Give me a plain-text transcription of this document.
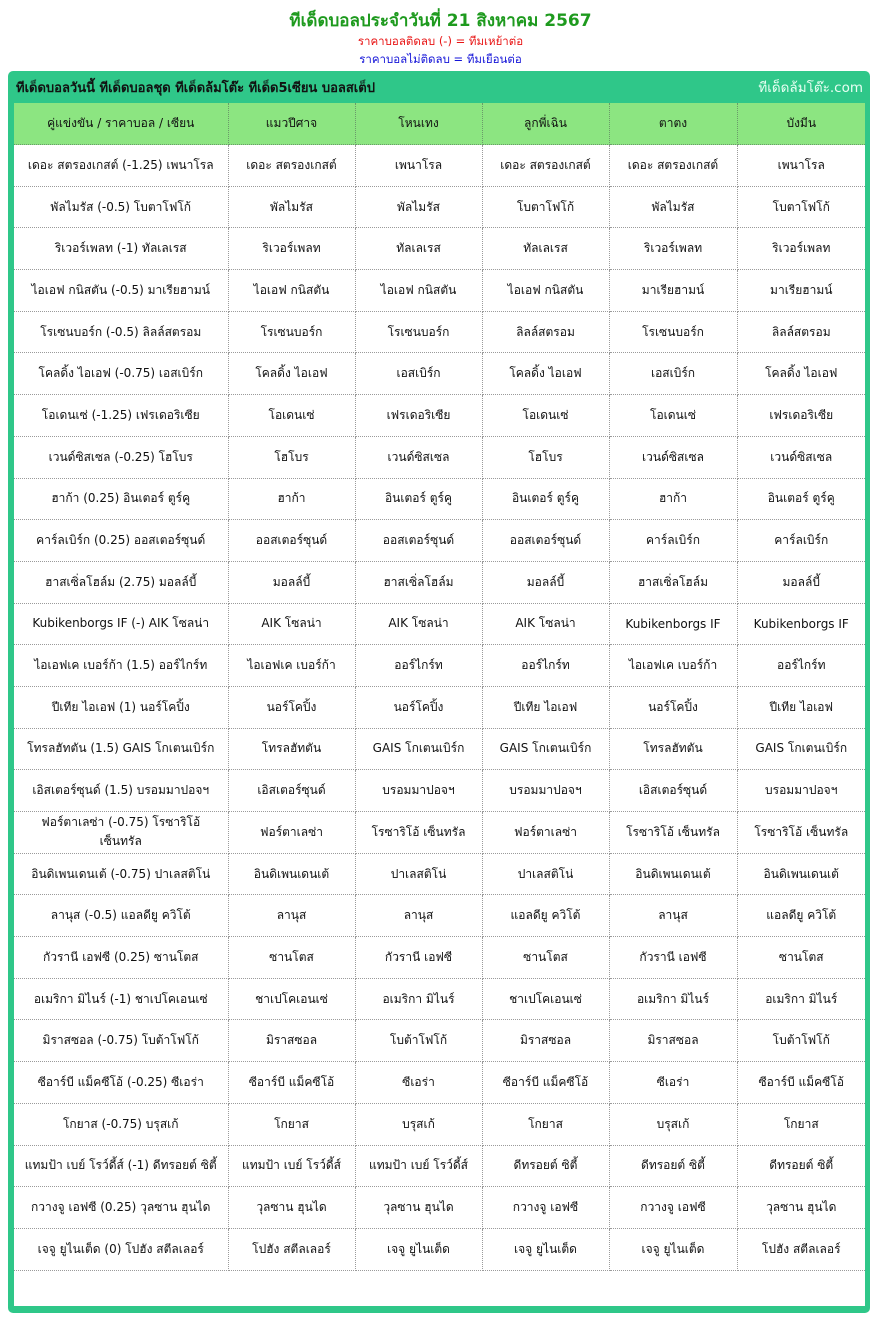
ทีเด็ดบอลประจำวันที่ 21 สิงหาคม 2567
ราคาบอลติดลบ (-) = ทีมเหย้าต่อ
ราคาบอลไม่ติดลบ = ทีมเยือนต่อ
ทีเด็ดบอลวันนี้ ทีเด็ดบอลชุด ทีเด็ดล้มโต๊ะ ทีเด็ด5เซียน บอลสเต็ป	ทีเด็ดล้มโต๊ะ.com
คู่แข่งขัน / ราคาบอล / เซียน	แมวปีศาจ	โหนเทง	ลูกพี่เฉิน	ตาตง	บังมีน
เดอะ สตรองเกสต์ (-1.25) เพนาโรล	เดอะ สตรองเกสต์	เพนาโรล	เดอะ สตรองเกสต์	เดอะ สตรองเกสต์	เพนาโรล
พัลไมรัส (-0.5) โบตาโฟโก้	พัลไมรัส	พัลไมรัส	โบตาโฟโก้	พัลไมรัส	โบตาโฟโก้
ริเวอร์เพลท (-1) ทัลเลเรส	ริเวอร์เพลท	ทัลเลเรส	ทัลเลเรส	ริเวอร์เพลท	ริเวอร์เพลท
ไอเอฟ กนิสตัน (-0.5) มาเรียฮามน์	ไอเอฟ กนิสตัน	ไอเอฟ กนิสตัน	ไอเอฟ กนิสตัน	มาเรียฮามน์	มาเรียฮามน์
โรเซนบอร์ก (-0.5) ลิลล์สตรอม	โรเซนบอร์ก	โรเซนบอร์ก	ลิลล์สตรอม	โรเซนบอร์ก	ลิลล์สตรอม
โคลดิ้ง ไอเอฟ (-0.75) เอสเบิร์ก	โคลดิ้ง ไอเอฟ	เอสเบิร์ก	โคลดิ้ง ไอเอฟ	เอสเบิร์ก	โคลดิ้ง ไอเอฟ
โอเดนเซ่ (-1.25) เฟรเดอริเซีย	โอเดนเซ่	เฟรเดอริเซีย	โอเดนเซ่	โอเดนเซ่	เฟรเดอริเซีย
เวนด์ซิสเซล (-0.25) โฮโบร	โฮโบร	เวนด์ซิสเซล	โฮโบร	เวนด์ซิสเซล	เวนด์ซิสเซล
ฮาก้า (0.25) อินเตอร์ ตูร์คู	ฮาก้า	อินเตอร์ ตูร์คู	อินเตอร์ ตูร์คู	ฮาก้า	อินเตอร์ ตูร์คู
คาร์ลเบิร์ก (0.25) ออสเตอร์ซุนด์	ออสเตอร์ซุนด์	ออสเตอร์ซุนด์	ออสเตอร์ซุนด์	คาร์ลเบิร์ก	คาร์ลเบิร์ก
ฮาสเซิ่ลโฮล์ม (2.75) มอลล์บี้	มอลล์บี้	ฮาสเซิ่ลโฮล์ม	มอลล์บี้	ฮาสเซิ่ลโฮล์ม	มอลล์บี้
Kubikenborgs IF (-) AIK โซลน่า	AIK โซลน่า	AIK โซลน่า	AIK โซลน่า	Kubikenborgs IF	Kubikenborgs IF
ไอเอฟเค เบอร์ก้า (1.5) ออร์ไกร์ท	ไอเอฟเค เบอร์ก้า	ออร์ไกร์ท	ออร์ไกร์ท	ไอเอฟเค เบอร์ก้า	ออร์ไกร์ท
ปีเทีย ไอเอฟ (1) นอร์โคปิ้ง	นอร์โคปิ้ง	นอร์โคปิ้ง	ปีเทีย ไอเอฟ	นอร์โคปิ้ง	ปีเทีย ไอเอฟ
โทรลฮัทตัน (1.5) GAIS โกเตนเบิร์ก	โทรลฮัทตัน	GAIS โกเตนเบิร์ก	GAIS โกเตนเบิร์ก	โทรลฮัทตัน	GAIS โกเตนเบิร์ก
เอิสเตอร์ซุนด์ (1.5) บรอมมาปอจฯ	เอิสเตอร์ซุนด์	บรอมมาปอจฯ	บรอมมาปอจฯ	เอิสเตอร์ซุนด์	บรอมมาปอจฯ
ฟอร์ตาเลซ่า (-0.75) โรซาริโอ้ เซ็นทรัล	ฟอร์ตาเลซ่า	โรซาริโอ้ เซ็นทรัล	ฟอร์ตาเลซ่า	โรซาริโอ้ เซ็นทรัล	โรซาริโอ้ เซ็นทรัล
อินดิเพนเดนเต้ (-0.75) ปาเลสติโน่	อินดิเพนเดนเต้	ปาเลสติโน่	ปาเลสติโน่	อินดิเพนเดนเต้	อินดิเพนเดนเต้
ลานุส (-0.5) แอลดียู ควิโต้	ลานุส	ลานุส	แอลดียู ควิโต้	ลานุส	แอลดียู ควิโต้
กัวรานี เอฟซี (0.25) ซานโตส	ซานโตส	กัวรานี เอฟซี	ซานโตส	กัวรานี เอฟซี	ซานโตส
อเมริกา มิไนร์ (-1) ชาเปโคเอนเซ่	ชาเปโคเอนเซ่	อเมริกา มิไนร์	ชาเปโคเอนเซ่	อเมริกา มิไนร์	อเมริกา มิไนร์
มิราสซอล (-0.75) โบต้าโฟโก้	มิราสซอล	โบต้าโฟโก้	มิราสซอล	มิราสซอล	โบต้าโฟโก้
ซีอาร์บี แม็คซีโอ้ (-0.25) ซีเอร่า	ซีอาร์บี แม็คซีโอ้	ซีเอร่า	ซีอาร์บี แม็คซีโอ้	ซีเอร่า	ซีอาร์บี แม็คซีโอ้
โกยาส (-0.75) บรุสเก้	โกยาส	บรุสเก้	โกยาส	บรุสเก้	โกยาส
แทมป้า เบย์ โรว์ดี้ส์ (-1) ดีทรอยต์ ซิตี้	แทมป้า เบย์ โรว์ดี้ส์	แทมป้า เบย์ โรว์ดี้ส์	ดีทรอยต์ ซิตี้	ดีทรอยต์ ซิตี้	ดีทรอยต์ ซิตี้
กวางจู เอฟซี (0.25) วุลซาน ฮุนได	วุลซาน ฮุนได	วุลซาน ฮุนได	กวางจู เอฟซี	กวางจู เอฟซี	วุลซาน ฮุนได
เจจู ยูไนเต็ด (0) โปฮัง สตีลเลอร์	โปฮัง สตีลเลอร์	เจจู ยูไนเต็ด	เจจู ยูไนเต็ด	เจจู ยูไนเต็ด	โปฮัง สตีลเลอร์
